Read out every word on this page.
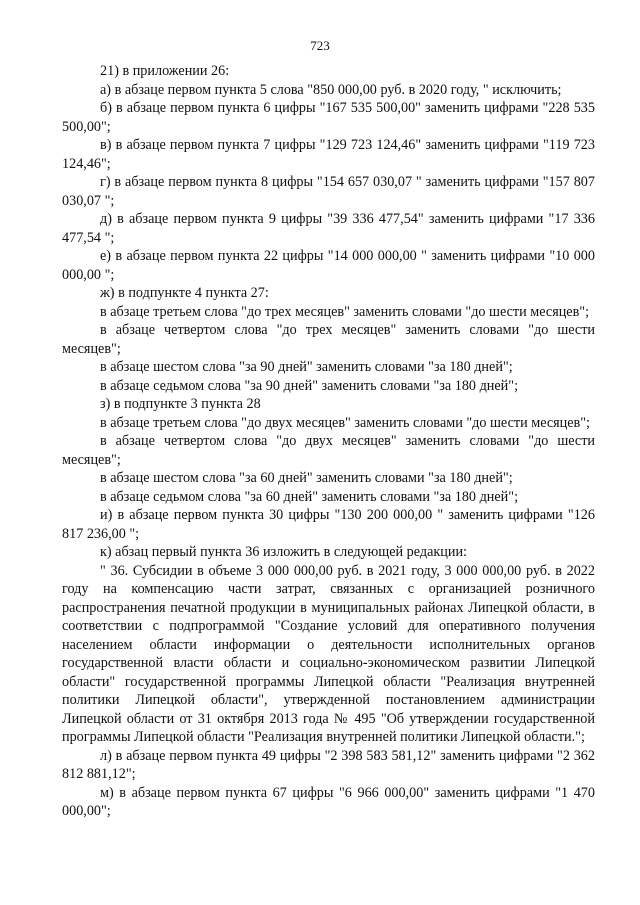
723

21) в приложении 26:

а) в абзаце первом пункта 5 слова "850 000,00 руб. в 2020 году, " исключить;

б) в абзаце первом пункта 6 цифры "167 535 500,00" заменить цифрами "228 535 500,00";

в) в абзаце первом пункта 7 цифры "129 723 124,46" заменить цифрами "119 723 124,46";

г) в абзаце первом пункта 8 цифры "154 657 030,07 " заменить цифрами "157 807 030,07 ";

д) в абзаце первом пункта 9 цифры "39 336 477,54" заменить цифрами "17 336 477,54 ";

е) в абзаце первом пункта 22 цифры "14 000 000,00 " заменить цифрами "10 000 000,00 ";

ж) в подпункте 4 пункта 27:

в абзаце третьем слова "до трех месяцев" заменить словами "до шести месяцев";

в абзаце четвертом слова "до трех месяцев" заменить словами "до шести месяцев";

в абзаце шестом слова "за 90 дней" заменить словами "за 180 дней";

в абзаце седьмом слова "за 90 дней" заменить словами "за 180 дней";

з) в подпункте 3 пункта 28

в абзаце третьем слова "до двух месяцев" заменить словами "до шести месяцев";

в абзаце четвертом слова "до двух месяцев" заменить словами "до шести месяцев";

в абзаце шестом слова "за 60 дней" заменить словами "за 180 дней";

в абзаце седьмом слова "за 60 дней" заменить словами "за 180 дней";

и) в абзаце первом пункта 30 цифры "130 200 000,00 " заменить цифрами "126 817 236,00 ";

к) абзац первый пункта 36 изложить в следующей редакции:

" 36. Субсидии в объеме 3 000 000,00 руб. в 2021 году, 3 000 000,00 руб. в 2022 году на компенсацию части затрат, связанных с организацией розничного распространения печатной продукции в муниципальных районах Липецкой области, в соответствии с подпрограммой "Создание условий для оперативного получения населением области информации о деятельности исполнительных органов государственной власти области и социально-экономическом развитии Липецкой области" государственной программы Липецкой области "Реализация внутренней политики Липецкой области", утвержденной постановлением администрации Липецкой области от 31 октября 2013 года № 495 "Об утверждении государственной программы Липецкой области "Реализация внутренней политики Липецкой области.";

л) в абзаце первом пункта 49 цифры "2 398 583 581,12" заменить цифрами "2 362 812 881,12";

м) в абзаце первом пункта 67 цифры "6 966 000,00" заменить цифрами "1 470 000,00";
